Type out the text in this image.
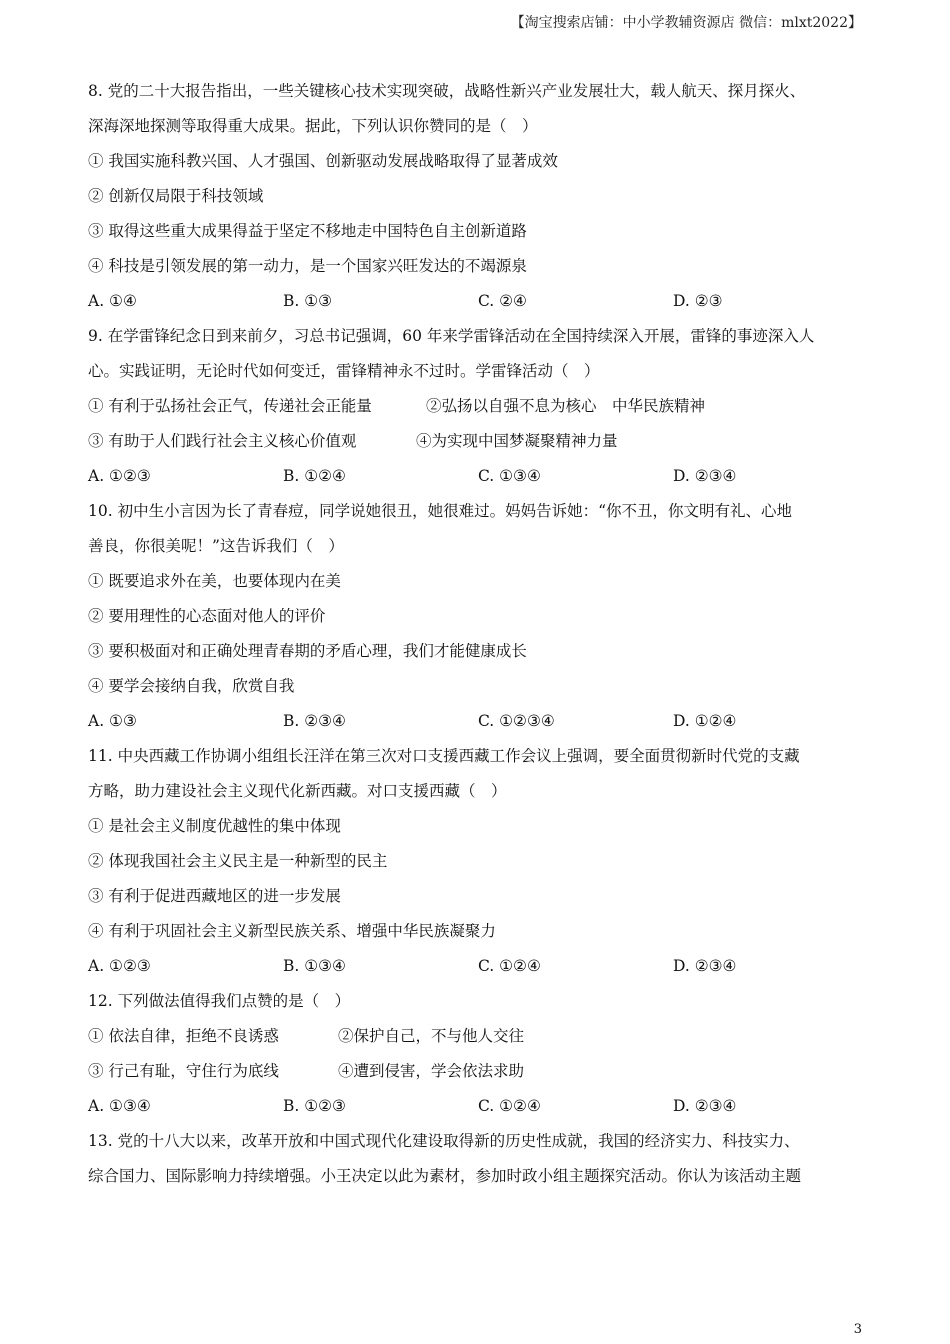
【淘宝搜索店铺：中小学教辅资源店 微信：mlxt2022】
8. 党的二十大报告指出，一些关键核心技术实现突破，战略性新兴产业发展壮大，载人航天、探月探火、
深海深地探测等取得重大成果。据此，下列认识你赞同的是（　）
① 我国实施科教兴国、人才强国、创新驱动发展战略取得了显著成效
② 创新仅局限于科技领域
③ 取得这些重大成果得益于坚定不移地走中国特色自主创新道路
④ 科技是引领发展的第一动力，是一个国家兴旺发达的不竭源泉
A. ①④	B. ①③	C. ②④	D. ②③
9. 在学雷锋纪念日到来前夕，习总书记强调，60 年来学雷锋活动在全国持续深入开展，雷锋的事迹深入人
心。实践证明，无论时代如何变迁，雷锋精神永不过时。学雷锋活动（　）
① 有利于弘扬社会正气，传递社会正能量	②弘扬以自强不息为核心　中华民族精神
③ 有助于人们践行社会主义核心价值观	④为实现中国梦凝聚精神力量
A. ①②③	B. ①②④	C. ①③④	D. ②③④
10. 初中生小言因为长了青春痘，同学说她很丑，她很难过。妈妈告诉她：“你不丑，你文明有礼、心地
善良，你很美呢！”这告诉我们（　）
① 既要追求外在美，也要体现内在美
② 要用理性的心态面对他人的评价
③ 要积极面对和正确处理青春期的矛盾心理，我们才能健康成长
④ 要学会接纳自我，欣赏自我
A. ①③	B. ②③④	C. ①②③④	D. ①②④
11. 中央西藏工作协调小组组长汪洋在第三次对口支援西藏工作会议上强调，要全面贯彻新时代党的支藏
方略，助力建设社会主义现代化新西藏。对口支援西藏（　）
① 是社会主义制度优越性的集中体现
② 体现我国社会主义民主是一种新型的民主
③ 有利于促进西藏地区的进一步发展
④ 有利于巩固社会主义新型民族关系、增强中华民族凝聚力
A. ①②③	B. ①③④	C. ①②④	D. ②③④
12. 下列做法值得我们点赞的是（　）
① 依法自律，拒绝不良诱惑	②保护自己，不与他人交往
③ 行己有耻，守住行为底线	④遭到侵害，学会依法求助
A. ①③④	B. ①②③	C. ①②④	D. ②③④
13. 党的十八大以来，改革开放和中国式现代化建设取得新的历史性成就，我国的经济实力、科技实力、
综合国力、国际影响力持续增强。小王决定以此为素材，参加时政小组主题探究活动。你认为该活动主题
3
